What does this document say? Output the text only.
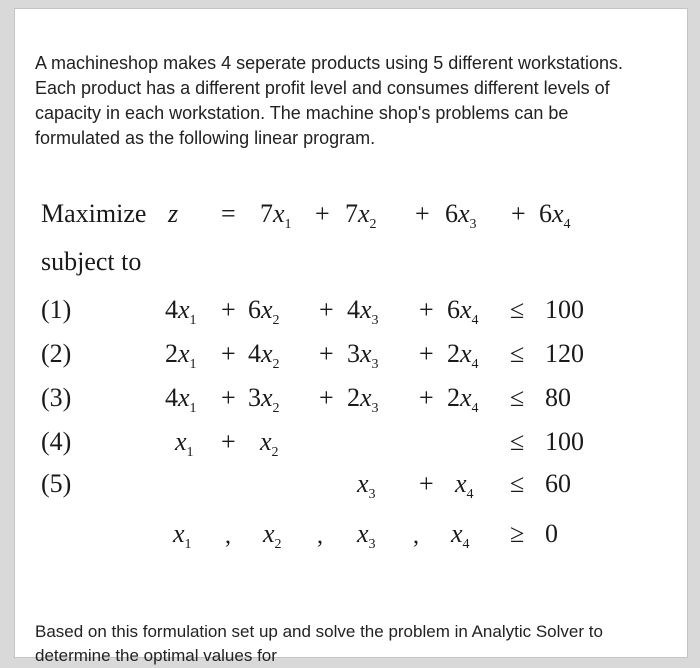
A machineshop makes 4 seperate products using 5 different workstations. Each product has a different profit level and consumes different levels of capacity in each workstation. The machine shop's problems can be formulated as the following linear program.

Maximize
subject to
(1)
(2)
(3)
(4)
(5)
$z = 7x_1 + 7x_2 + 6x_3 + 6x_4$
$4x_1 + 6x_2 + 4x_3 + 6x_4 \le 100$
$2x_1 + 4x_2 + 3x_3 + 2x_4 \le 120$
$4x_1 + 3x_2 + 2x_3 + 2x_4 \le 80$
$x_1 + x_2$	≤ 100
$x_3 + x_4 \le 60$
$x_1$ , $x_2$ , $x_3$ , $x_4 \ge 0$

Based on this formulation set up and solve the problem in Analytic Solver to determine the optimal values for
